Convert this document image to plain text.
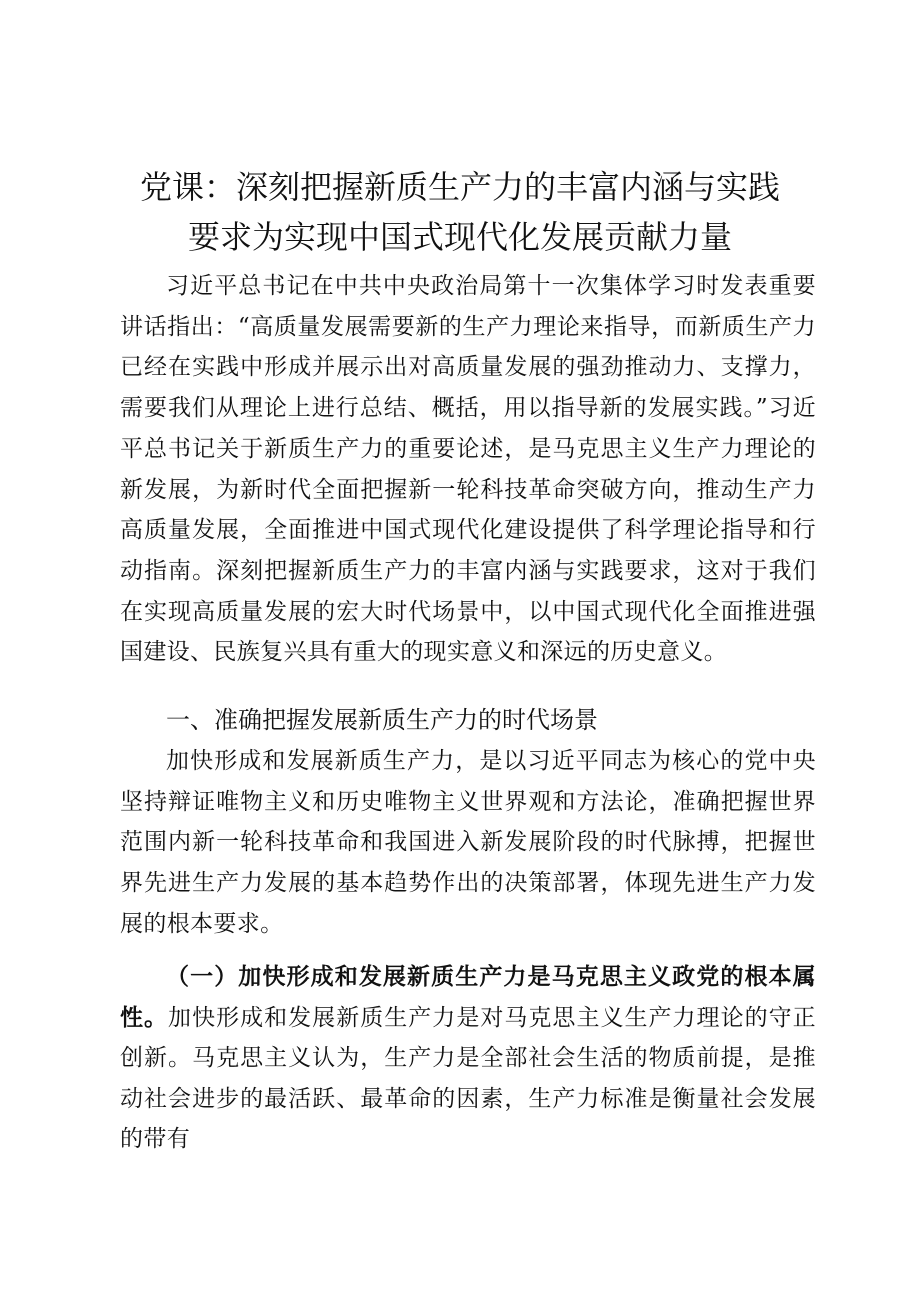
党课：深刻把握新质生产力的丰富内涵与实践
要求为实现中国式现代化发展贡献力量

习近平总书记在中共中央政治局第十一次集体学习时发表重要讲话指出：“高质量发展需要新的生产力理论来指导，而新质生产力已经在实践中形成并展示出对高质量发展的强劲推动力、支撑力，需要我们从理论上进行总结、概括，用以指导新的发展实践。”习近平总书记关于新质生产力的重要论述，是马克思主义生产力理论的新发展，为新时代全面把握新一轮科技革命突破方向，推动生产力高质量发展，全面推进中国式现代化建设提供了科学理论指导和行动指南。深刻把握新质生产力的丰富内涵与实践要求，这对于我们在实现高质量发展的宏大时代场景中，以中国式现代化全面推进强国建设、民族复兴具有重大的现实意义和深远的历史意义。

一、准确把握发展新质生产力的时代场景

加快形成和发展新质生产力，是以习近平同志为核心的党中央坚持辩证唯物主义和历史唯物主义世界观和方法论，准确把握世界范围内新一轮科技革命和我国进入新发展阶段的时代脉搏，把握世界先进生产力发展的基本趋势作出的决策部署，体现先进生产力发展的根本要求。

（一）加快形成和发展新质生产力是马克思主义政党的根本属性。加快形成和发展新质生产力是对马克思主义生产力理论的守正创新。马克思主义认为，生产力是全部社会生活的物质前提，是推动社会进步的最活跃、最革命的因素，生产力标准是衡量社会发展的带有
